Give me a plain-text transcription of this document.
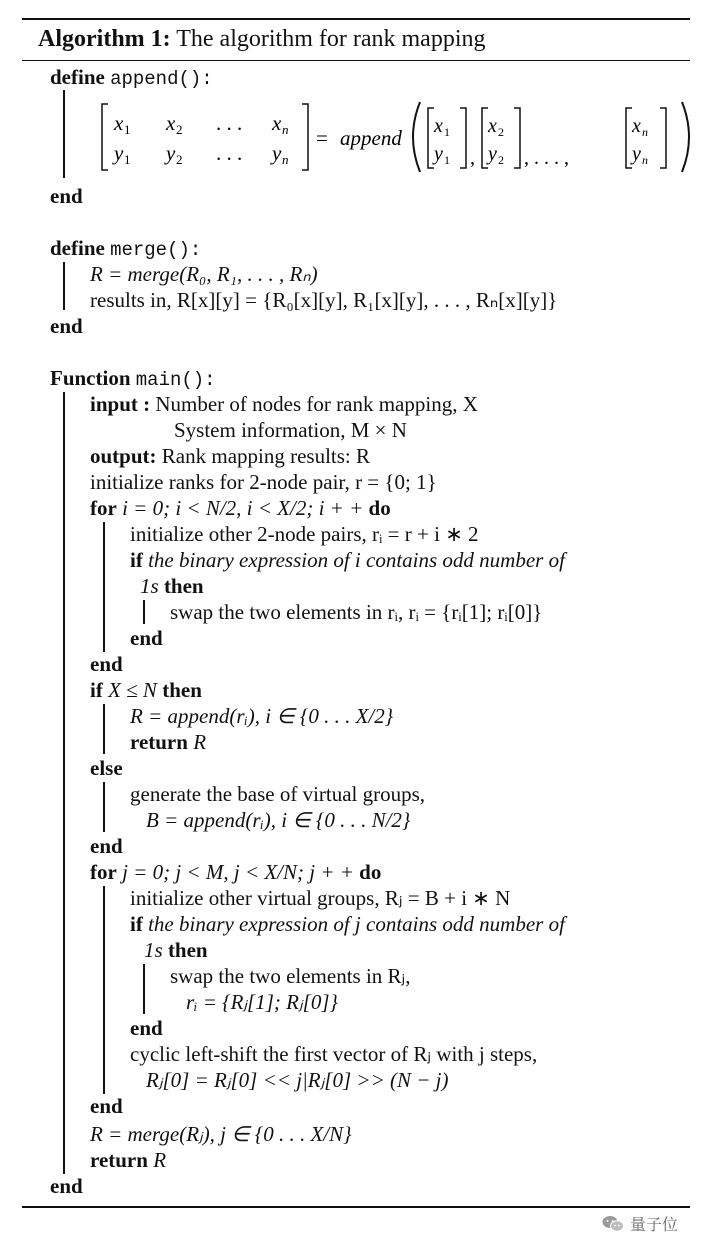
Algorithm 1: The algorithm for rank mapping
define append():
x 1 x 2 . . . x n
y 1 y 2 . . . y n
= append x 1
y 1 ,
x 2
y 2 , . . . ,
x n
y n
end
define merge():
R = merge(R₀, R₁, . . . , Rₙ)
results in, R[x][y] = {R₀[x][y], R₁[x][y], . . . , Rₙ[x][y]}
end
Function main():
input : Number of nodes for rank mapping, X
System information, M × N
output: Rank mapping results: R
initialize ranks for 2-node pair, r = {0; 1}
for i = 0; i < N/2, i < X/2; i + + do
initialize other 2-node pairs, rᵢ = r + i ∗ 2
if the binary expression of i contains odd number of
1s then
swap the two elements in rᵢ, rᵢ = {rᵢ[1]; rᵢ[0]}
end
end
if X ≤ N then
R = append(rᵢ), i ∈ {0 . . . X/2}
return R
else
generate the base of virtual groups,
B = append(rᵢ), i ∈ {0 . . . N/2}
end
for j = 0; j < M, j < X/N; j + + do
initialize other virtual groups, Rⱼ = B + i ∗ N
if the binary expression of j contains odd number of
1s then
swap the two elements in Rⱼ,
rᵢ = {Rⱼ[1]; Rⱼ[0]}
end
cyclic left-shift the first vector of Rⱼ with j steps,
Rⱼ[0] = Rⱼ[0] << j|Rⱼ[0] >> (N − j)
end
R = merge(Rⱼ), j ∈ {0 . . . X/N}
return R
end
量子位
